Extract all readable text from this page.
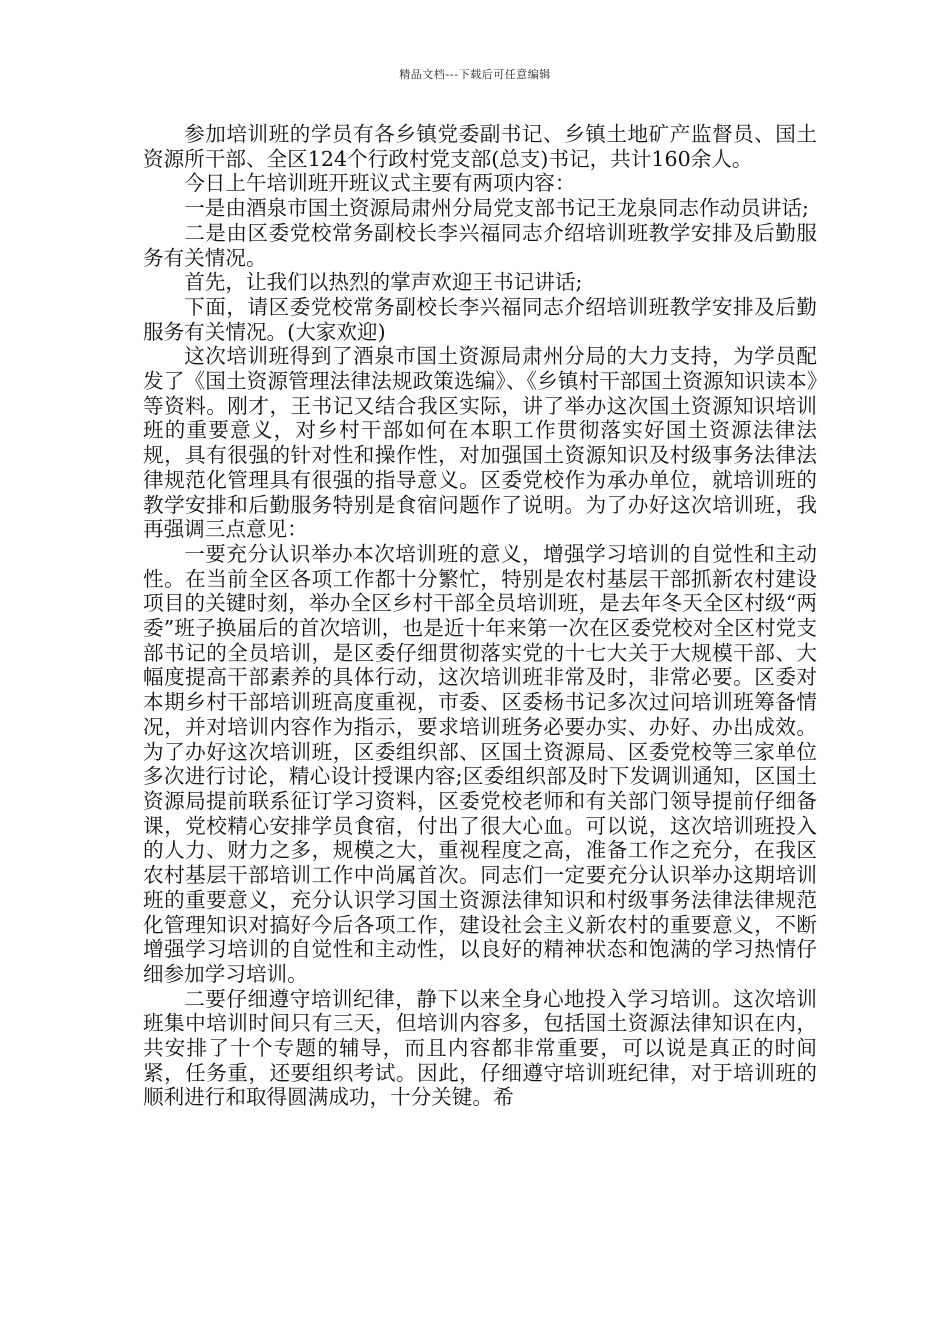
精品文档---下载后可任意编辑

参加培训班的学员有各乡镇党委副书记、乡镇土地矿产监督员、国土资源所干部、全区124个行政村党支部(总支)书记，共计160余人。

今日上午培训班开班议式主要有两项内容：

一是由酒泉市国土资源局肃州分局党支部书记王龙泉同志作动员讲话;

二是由区委党校常务副校长李兴福同志介绍培训班教学安排及后勤服务有关情况。

首先，让我们以热烈的掌声欢迎王书记讲话;

下面，请区委党校常务副校长李兴福同志介绍培训班教学安排及后勤服务有关情况。(大家欢迎)

这次培训班得到了酒泉市国土资源局肃州分局的大力支持，为学员配发了《国土资源管理法律法规政策选编》、《乡镇村干部国土资源知识读本》等资料。刚才，王书记又结合我区实际，讲了举办这次国土资源知识培训班的重要意义，对乡村干部如何在本职工作贯彻落实好国土资源法律法规，具有很强的针对性和操作性，对加强国土资源知识及村级事务法律法律规范化管理具有很强的指导意义。区委党校作为承办单位，就培训班的教学安排和后勤服务特别是食宿问题作了说明。为了办好这次培训班，我再强调三点意见：

一要充分认识举办本次培训班的意义，增强学习培训的自觉性和主动性。在当前全区各项工作都十分繁忙，特别是农村基层干部抓新农村建设项目的关键时刻，举办全区乡村干部全员培训班，是去年冬天全区村级“两委”班子换届后的首次培训，也是近十年来第一次在区委党校对全区村党支部书记的全员培训，是区委仔细贯彻落实党的十七大关于大规模干部、大幅度提高干部素养的具体行动，这次培训班非常及时，非常必要。区委对本期乡村干部培训班高度重视，市委、区委杨书记多次过问培训班筹备情况，并对培训内容作为指示，要求培训班务必要办实、办好、办出成效。为了办好这次培训班，区委组织部、区国土资源局、区委党校等三家单位多次进行讨论，精心设计授课内容;区委组织部及时下发调训通知，区国土资源局提前联系征订学习资料，区委党校老师和有关部门领导提前仔细备课，党校精心安排学员食宿，付出了很大心血。可以说，这次培训班投入的人力、财力之多，规模之大，重视程度之高，准备工作之充分，在我区农村基层干部培训工作中尚属首次。同志们一定要充分认识举办这期培训班的重要意义，充分认识学习国土资源法律知识和村级事务法律法律规范化管理知识对搞好今后各项工作，建设社会主义新农村的重要意义，不断增强学习培训的自觉性和主动性，以良好的精神状态和饱满的学习热情仔细参加学习培训。

二要仔细遵守培训纪律，静下以来全身心地投入学习培训。这次培训班集中培训时间只有三天，但培训内容多，包括国土资源法律知识在内，共安排了十个专题的辅导，而且内容都非常重要，可以说是真正的时间紧，任务重，还要组织考试。因此，仔细遵守培训班纪律，对于培训班的顺利进行和取得圆满成功，十分关键。希
